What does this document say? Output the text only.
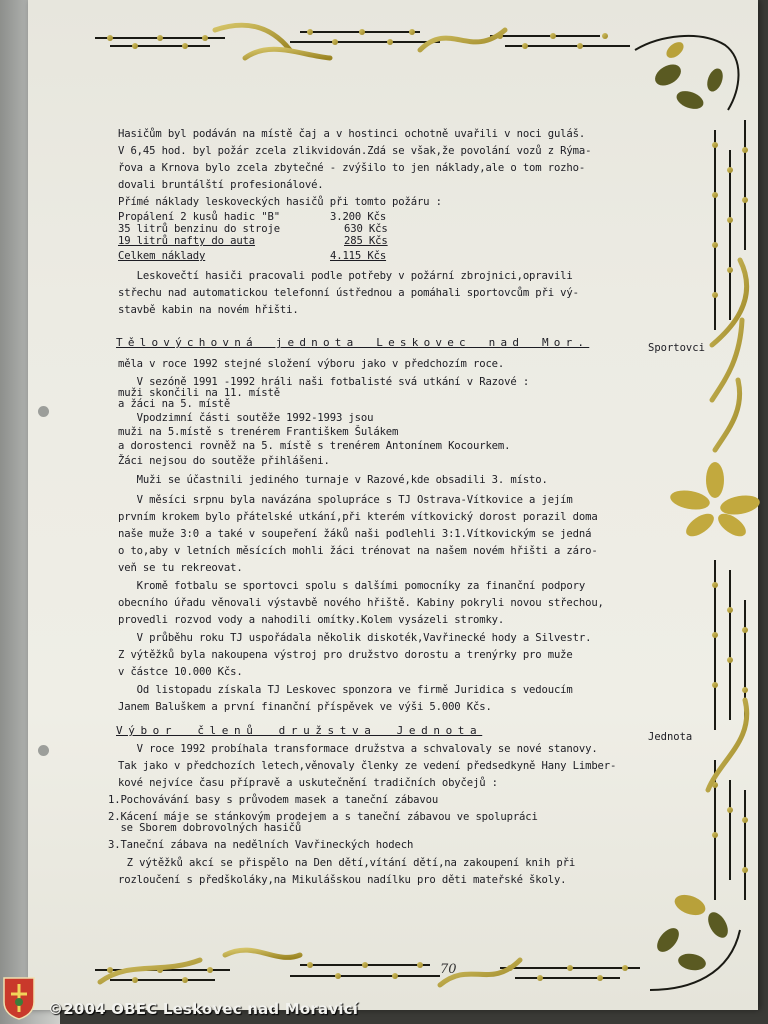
Hasičům byl podáván na místě čaj a v hostinci ochotně uvařili v noci guláš.
V 6,45 hod. byl požár zcela zlikvidován.Zdá se však,že povolání vozů z Rýma-
řova a Krnova bylo zcela zbytečné - zvýšilo to jen náklady,ale o tom rozho-
dovali bruntálští profesionálové.
Přímé náklady leskoveckých hasičů při tomto požáru :
Propálení 2 kusů hadic "B"	3.200 Kčs
35 litrů benzinu do stroje	630 Kčs
19 litrů nafty do auta	285 Kčs
Celkem náklady	4.115 Kčs
Leskovečtí hasiči pracovali podle potřeby v požární zbrojnici,opravili
střechu nad automatickou telefonní ústřednou a pomáhali sportovcům při vý-
stavbě kabin na novém hřišti.
Tělovýchovná jednota Leskovec nad Mor.	Sportovci
měla v roce 1992 stejné složení výboru jako v předchozím roce.
V sezóně 1991 -1992 hráli naši fotbalisté svá utkání v Razové :
muži skončili na 11. místě
a žáci na 5. místě
Vpodzimní části soutěže 1992-1993 jsou
muži na 5.místě s trenérem Františkem Šulákem
a dorostenci rovněž na 5. místě s trenérem Antonínem Kocourkem.
Žáci nejsou do soutěže přihlášeni.
Muži se účastnili jediného turnaje v Razové,kde obsadili 3. místo.
V měsíci srpnu byla navázána spolupráce s TJ Ostrava-Vítkovice a jejím
prvním krokem bylo přátelské utkání,při kterém vítkovický dorost porazil doma
naše muže 3:0 a také v soupeření žáků naši podlehli 3:1.Vítkovickým se jedná
o to,aby v letních měsících mohli žáci trénovat na našem novém hřišti a záro-
veň se tu rekreovat.
Kromě fotbalu se sportovci spolu s dalšími pomocníky za finanční podpory
obecního úřadu věnovali výstavbě nového hřiště. Kabiny pokryli novou střechou,
provedli rozvod vody a nahodili omítky.Kolem vysázeli stromky.
V průběhu roku TJ uspořádala několik diskoték,Vavřinecké hody a Silvestr.
Z výtěžků byla nakoupena výstroj pro družstvo dorostu a trenýrky pro muže
v částce 10.000 Kčs.
Od listopadu získala TJ Leskovec sponzora ve firmě Juridica s vedoucím
Janem Baluškem a první finanční příspěvek ve výši 5.000 Kčs.
Výbor členů družstva Jednota	Jednota
V roce 1992 probíhala transformace družstva a schvalovaly se nové stanovy.
Tak jako v předchozích letech,věnovaly členky ze vedení předsedkyně Hany Limber-
kové nejvíce času přípravě a uskutečnění tradičních obyčejů :
1.Pochovávání basy s průvodem masek a taneční zábavou
2.Kácení máje se stánkovým prodejem a s taneční zábavou ve spolupráci
se Sborem dobrovolných hasičů
3.Taneční zábava na nedělních Vavřineckých hodech
Z výtěžků akcí se přispělo na Den dětí,vítání dětí,na zakoupení knih při
rozloučení s předškoláky,na Mikulášskou nadílku pro děti mateřské školy.
70
©2004 OBEC Leskovec nad Moravicí
